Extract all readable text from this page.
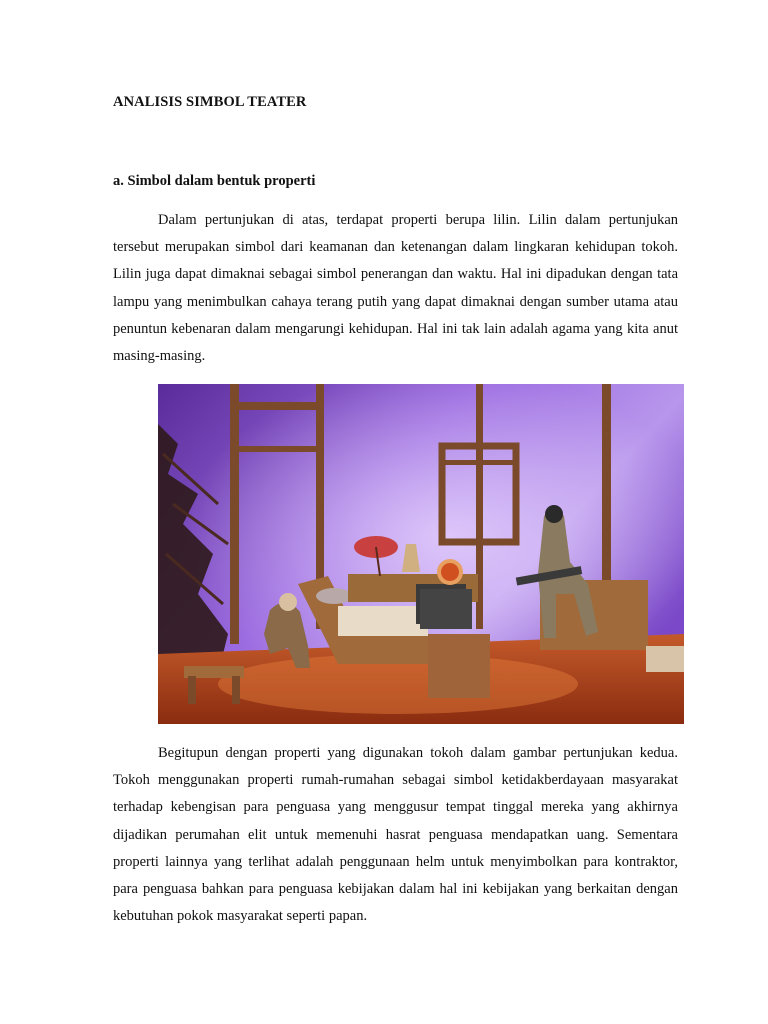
ANALISIS SIMBOL TEATER
a. Simbol dalam bentuk properti

Dalam pertunjukan di atas, terdapat properti berupa lilin. Lilin dalam pertunjukan tersebut merupakan simbol dari keamanan dan ketenangan dalam lingkaran kehidupan tokoh. Lilin juga dapat dimaknai sebagai simbol penerangan dan waktu. Hal ini dipadukan dengan tata lampu yang menimbulkan cahaya terang putih yang dapat dimaknai dengan sumber utama atau penuntun kebenaran dalam mengarungi kehidupan. Hal ini tak lain adalah agama yang kita anut masing-masing.

Begitupun dengan properti yang digunakan tokoh dalam gambar pertunjukan kedua. Tokoh menggunakan properti rumah-rumahan sebagai simbol ketidakberdayaan masyarakat terhadap kebengisan para penguasa yang menggusur tempat tinggal mereka yang akhirnya dijadikan perumahan elit untuk memenuhi hasrat penguasa mendapatkan uang. Sementara properti lainnya yang terlihat adalah penggunaan helm untuk menyimbolkan para kontraktor, para penguasa bahkan para penguasa kebijakan dalam hal ini kebijakan yang berkaitan dengan kebutuhan pokok masyarakat seperti papan.
